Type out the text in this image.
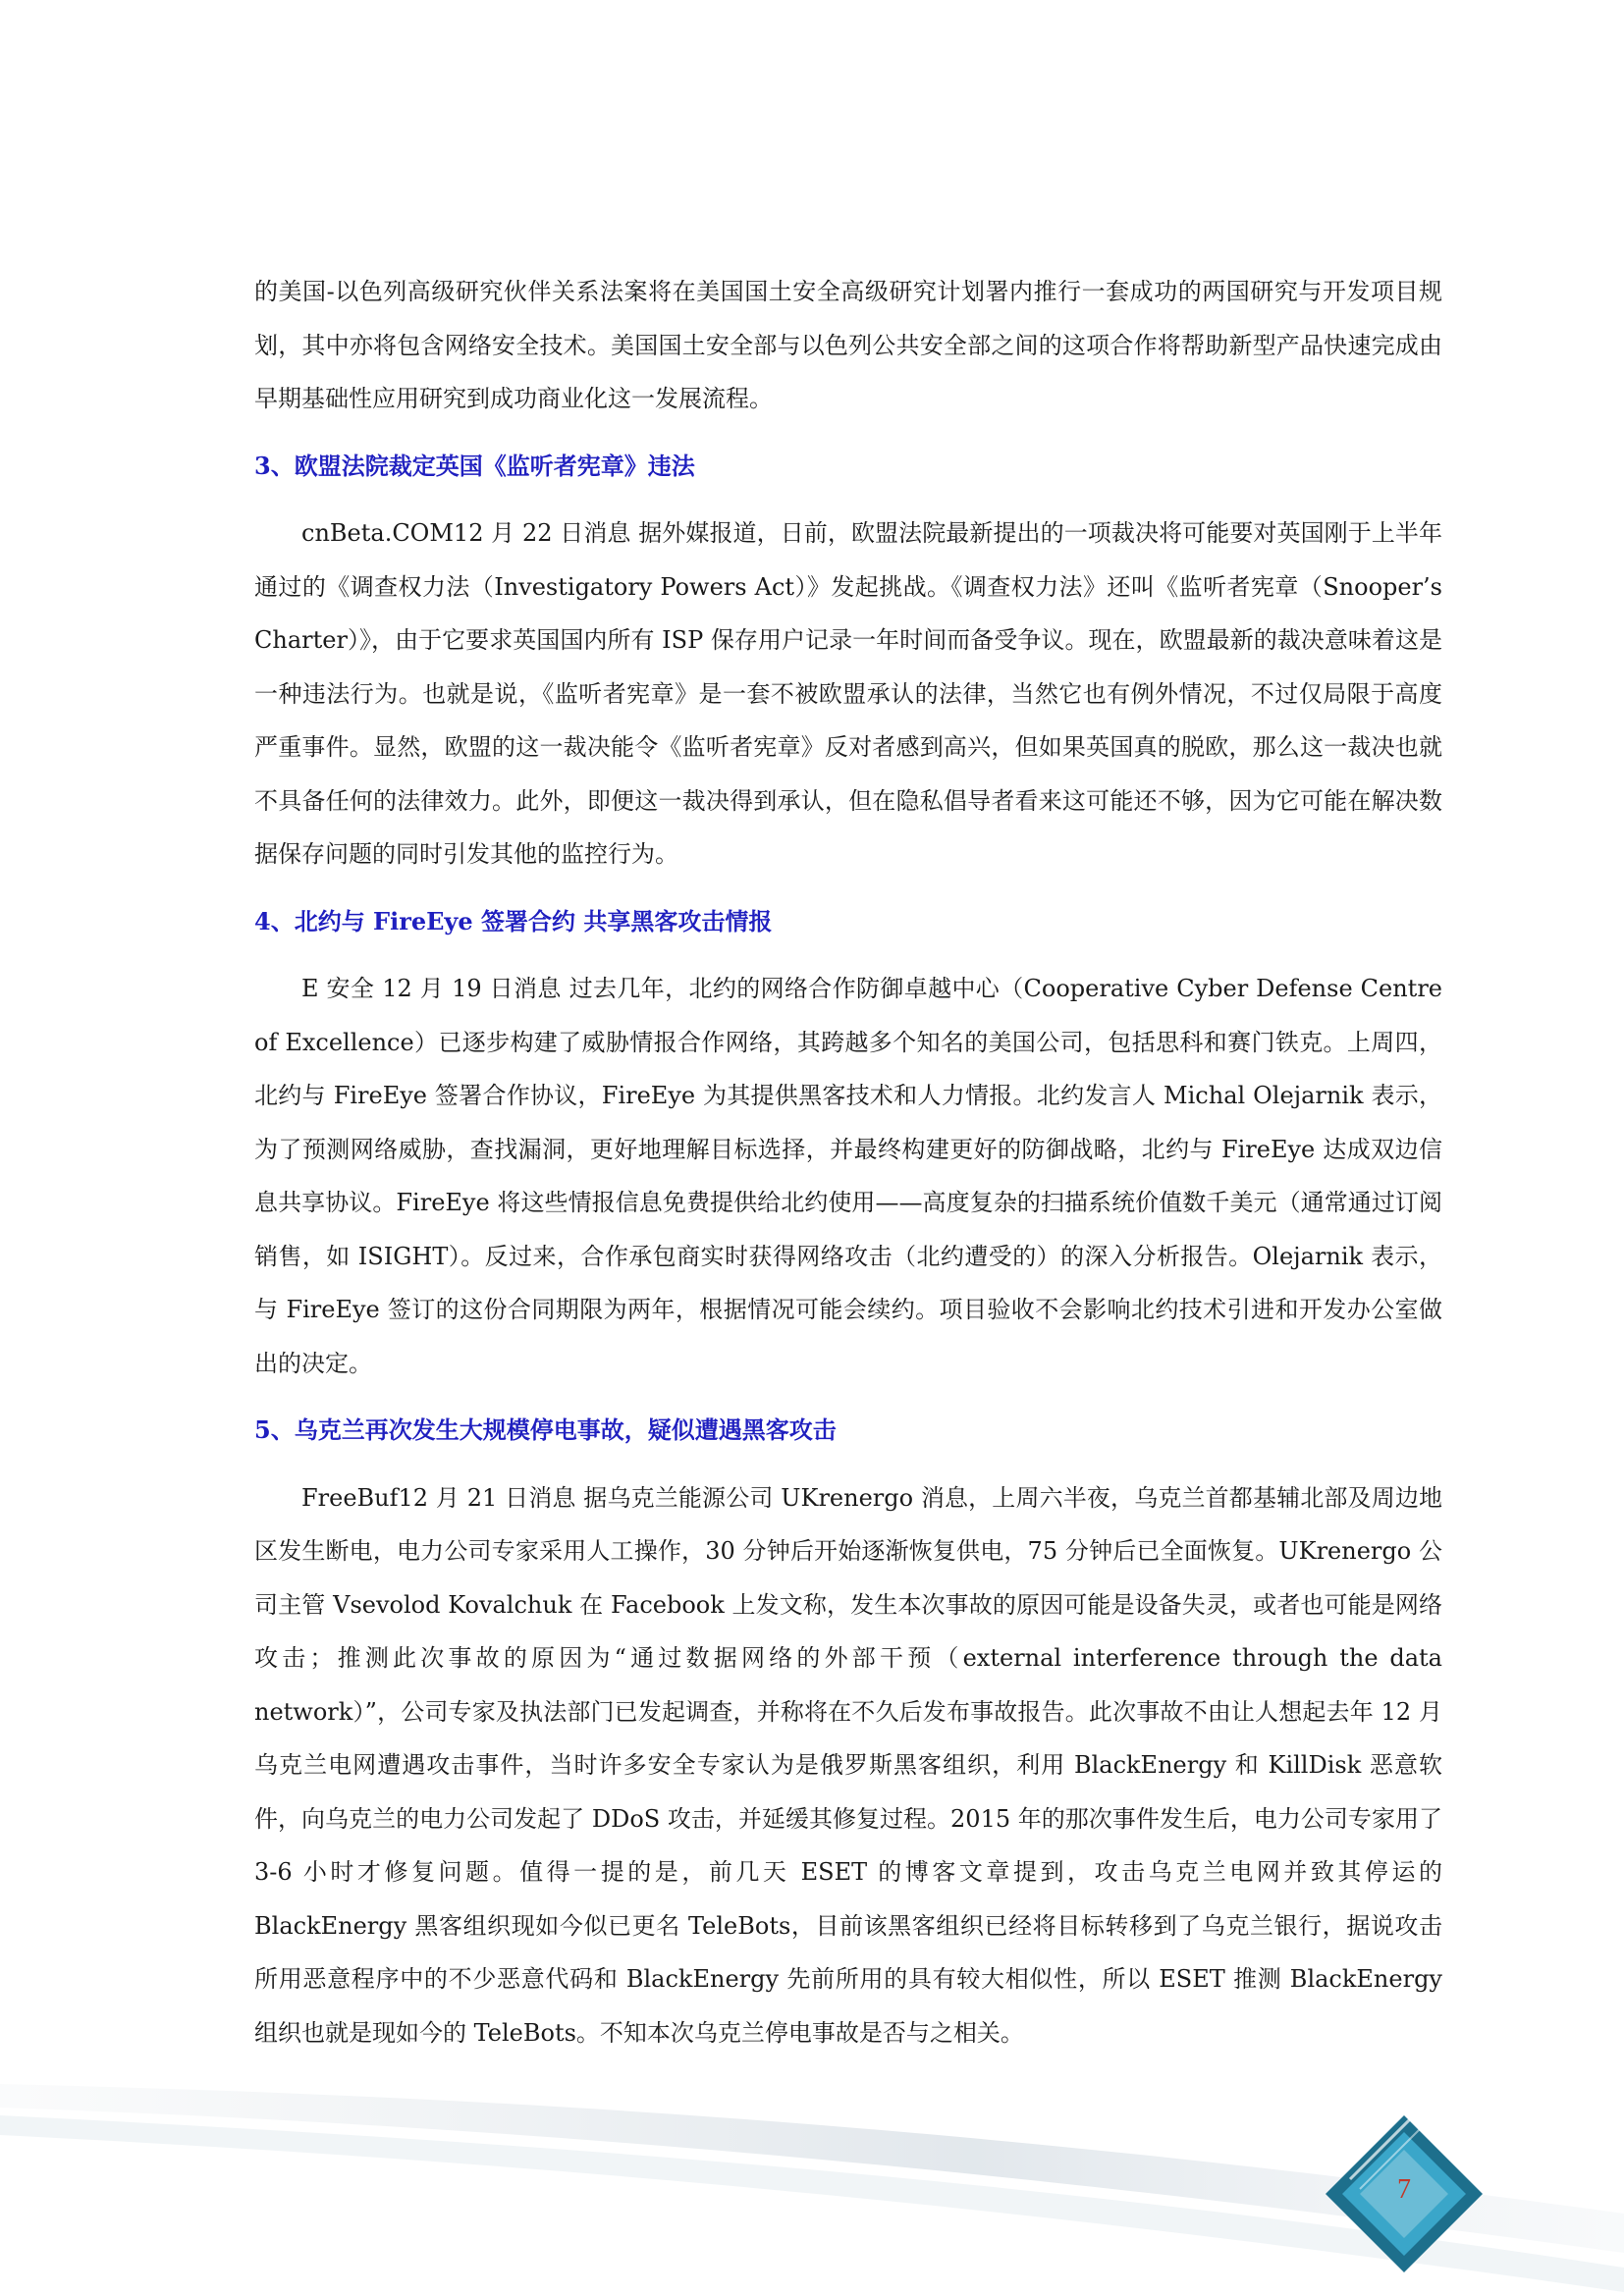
的美国-以色列高级研究伙伴关系法案将在美国国土安全高级研究计划署内推行一套成功的两国研究与开发项目规划，其中亦将包含网络安全技术。美国国土安全部与以色列公共安全部之间的这项合作将帮助新型产品快速完成由早期基础性应用研究到成功商业化这一发展流程。

3、欧盟法院裁定英国《监听者宪章》违法

cnBeta.COM12 月 22 日消息 据外媒报道，日前，欧盟法院最新提出的一项裁决将可能要对英国刚于上半年通过的《调查权力法（Investigatory Powers Act）》发起挑战。《调查权力法》还叫《监听者宪章（Snooper’s Charter）》，由于它要求英国国内所有 ISP 保存用户记录一年时间而备受争议。现在，欧盟最新的裁决意味着这是一种违法行为。也就是说，《监听者宪章》是一套不被欧盟承认的法律，当然它也有例外情况，不过仅局限于高度严重事件。显然，欧盟的这一裁决能令《监听者宪章》反对者感到高兴，但如果英国真的脱欧，那么这一裁决也就不具备任何的法律效力。此外，即便这一裁决得到承认，但在隐私倡导者看来这可能还不够，因为它可能在解决数据保存问题的同时引发其他的监控行为。

4、北约与 FireEye 签署合约 共享黑客攻击情报

E 安全 12 月 19 日消息 过去几年，北约的网络合作防御卓越中心（Cooperative Cyber Defense Centre of Excellence）已逐步构建了威胁情报合作网络，其跨越多个知名的美国公司，包括思科和赛门铁克。上周四，北约与 FireEye 签署合作协议，FireEye 为其提供黑客技术和人力情报。北约发言人 Michal Olejarnik 表示，为了预测网络威胁，查找漏洞，更好地理解目标选择，并最终构建更好的防御战略，北约与 FireEye 达成双边信息共享协议。FireEye 将这些情报信息免费提供给北约使用——高度复杂的扫描系统价值数千美元（通常通过订阅销售，如 ISIGHT）。反过来，合作承包商实时获得网络攻击（北约遭受的）的深入分析报告。Olejarnik 表示，与 FireEye 签订的这份合同期限为两年，根据情况可能会续约。项目验收不会影响北约技术引进和开发办公室做出的决定。

5、乌克兰再次发生大规模停电事故，疑似遭遇黑客攻击

FreeBuf12 月 21 日消息 据乌克兰能源公司 UKrenergo 消息，上周六半夜，乌克兰首都基辅北部及周边地区发生断电，电力公司专家采用人工操作，30 分钟后开始逐渐恢复供电，75 分钟后已全面恢复。UKrenergo 公司主管 Vsevolod Kovalchuk 在 Facebook 上发文称，发生本次事故的原因可能是设备失灵，或者也可能是网络攻击；推测此次事故的原因为“通过数据网络的外部干预（external interference through the data network）”，公司专家及执法部门已发起调查，并称将在不久后发布事故报告。此次事故不由让人想起去年 12 月乌克兰电网遭遇攻击事件，当时许多安全专家认为是俄罗斯黑客组织，利用 BlackEnergy 和 KillDisk 恶意软件，向乌克兰的电力公司发起了 DDoS 攻击，并延缓其修复过程。2015 年的那次事件发生后，电力公司专家用了 3-6 小时才修复问题。值得一提的是，前几天 ESET 的博客文章提到，攻击乌克兰电网并致其停运的 BlackEnergy 黑客组织现如今似已更名 TeleBots，目前该黑客组织已经将目标转移到了乌克兰银行，据说攻击所用恶意程序中的不少恶意代码和 BlackEnergy 先前所用的具有较大相似性，所以 ESET 推测 BlackEnergy 组织也就是现如今的 TeleBots。不知本次乌克兰停电事故是否与之相关。

7
